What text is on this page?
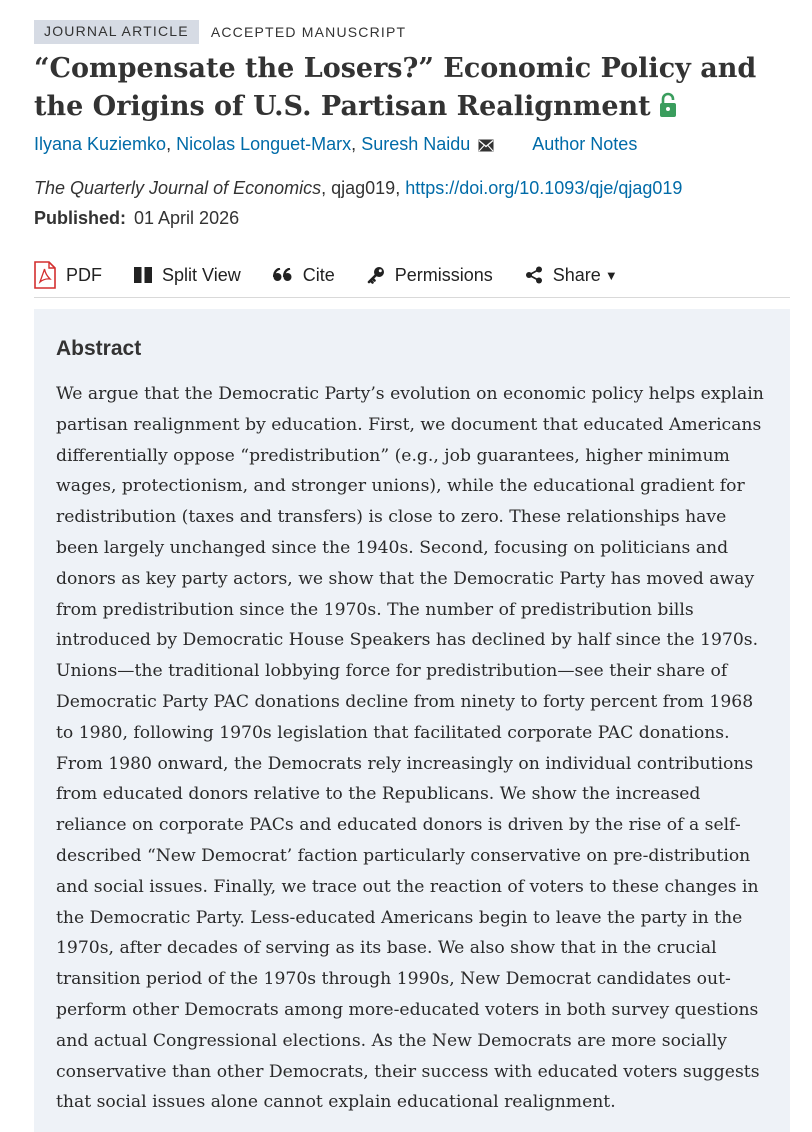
JOURNAL ARTICLE	ACCEPTED MANUSCRIPT
“Compensate the Losers?” Economic Policy and the Origins of U.S. Partisan Realignment
Ilyana Kuziemko, Nicolas Longuet-Marx, Suresh Naidu	Author Notes
The Quarterly Journal of Economics, qjag019, https://doi.org/10.1093/qje/qjag019
Published: 01 April 2026
PDF	Split View	Cite	Permissions	Share ▼
Abstract

We argue that the Democratic Party’s evolution on economic policy helps explain partisan realignment by education. First, we document that educated Americans differentially oppose “predistribution” (e.g., job guarantees, higher minimum wages, protectionism, and stronger unions), while the educational gradient for redistribution (taxes and transfers) is close to zero. These relationships have been largely unchanged since the 1940s. Second, focusing on politicians and donors as key party actors, we show that the Democratic Party has moved away from predistribution since the 1970s. The number of predistribution bills introduced by Democratic House Speakers has declined by half since the 1970s. Unions—the traditional lobbying force for predistribution—see their share of Democratic Party PAC donations decline from ninety to forty percent from 1968 to 1980, following 1970s legislation that facilitated corporate PAC donations. From 1980 onward, the Democrats rely increasingly on individual contributions from educated donors relative to the Republicans. We show the increased reliance on corporate PACs and educated donors is driven by the rise of a self-described “New Democrat’ faction particularly conservative on pre-distribution and social issues. Finally, we trace out the reaction of voters to these changes in the Democratic Party. Less-educated Americans begin to leave the party in the 1970s, after decades of serving as its base. We also show that in the crucial transition period of the 1970s through 1990s, New Democrat candidates out-perform other Democrats among more-educated voters in both survey questions and actual Congressional elections. As the New Democrats are more socially conservative than other Democrats, their success with educated voters suggests that social issues alone cannot explain educational realignment.
